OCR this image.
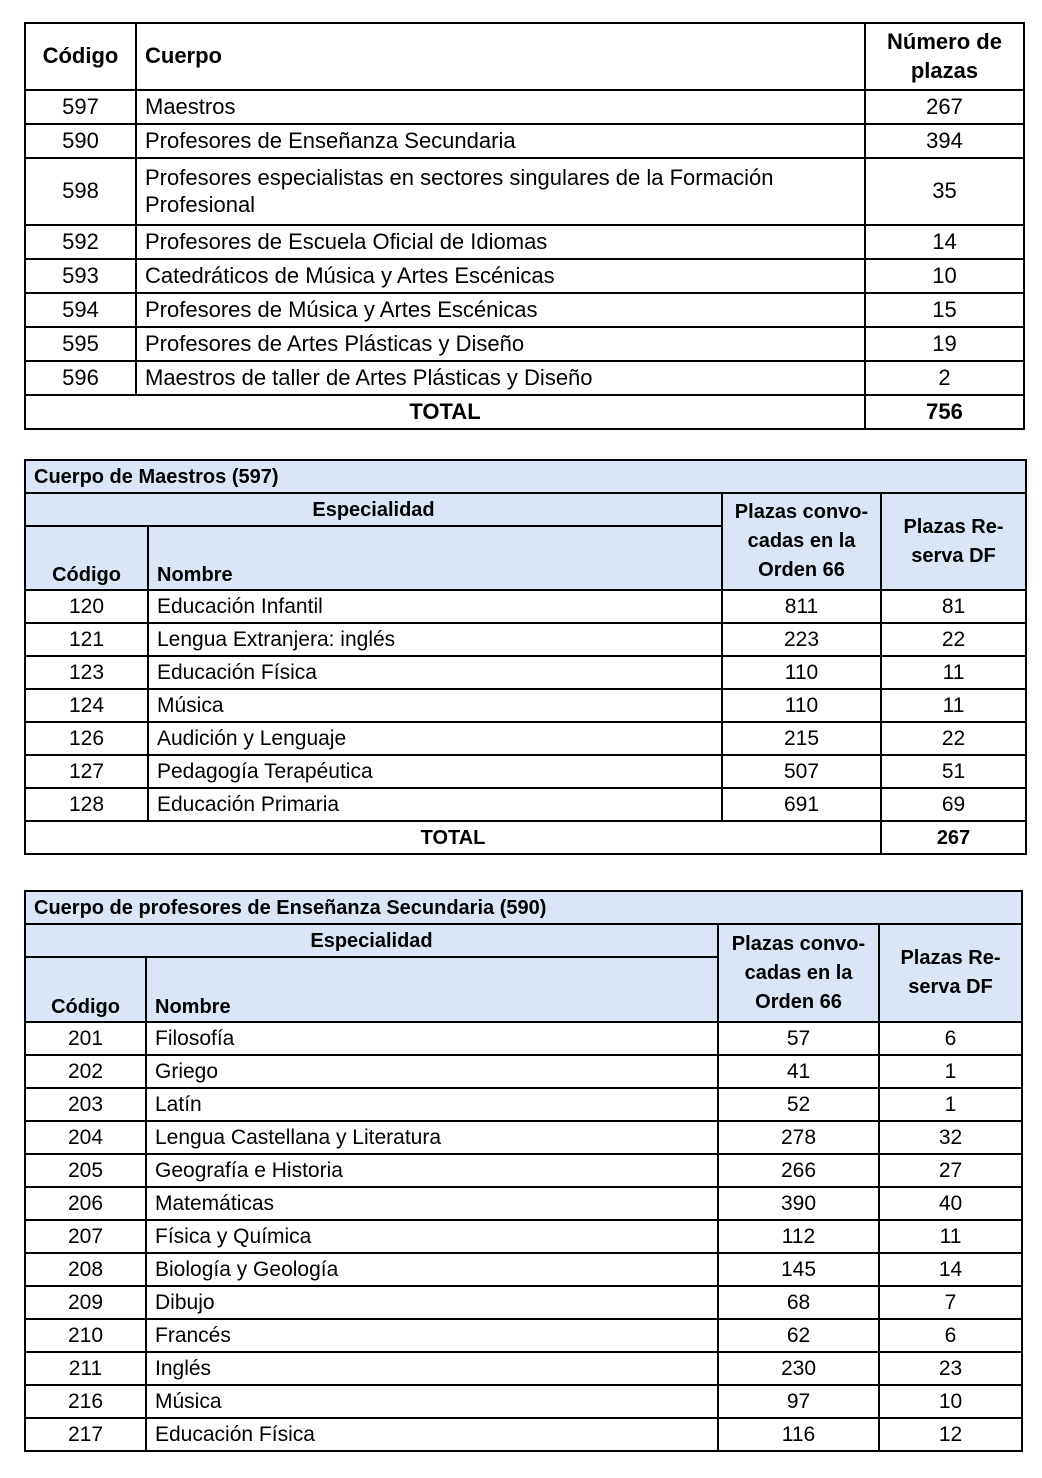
Código	Cuerpo	Número de plazas
597	Maestros	267
590	Profesores de Enseñanza Secundaria	394
598	Profesores especialistas en sectores singulares de la Formación Profesional	35
592	Profesores de Escuela Oficial de Idiomas	14
593	Catedráticos de Música y Artes Escénicas	10
594	Profesores de Música y Artes Escénicas	15
595	Profesores de Artes Plásticas y Diseño	19
596	Maestros de taller de Artes Plásticas y Diseño	2
TOTAL		756
Cuerpo de Maestros (597)			
Especialidad		Plazas convo-cadas en la Orden 66	Plazas Re-serva DF
Código	Nombre		
120	Educación Infantil	811	81
121	Lengua Extranjera: inglés	223	22
123	Educación Física	110	11
124	Música	110	11
126	Audición y Lenguaje	215	22
127	Pedagogía Terapéutica	507	51
128	Educación Primaria	691	69
TOTAL			267
Cuerpo de profesores de Enseñanza Secundaria (590)			
Especialidad		Plazas convo-cadas en la Orden 66	Plazas Re-serva DF
Código	Nombre		
201	Filosofía	57	6
202	Griego	41	1
203	Latín	52	1
204	Lengua Castellana y Literatura	278	32
205	Geografía e Historia	266	27
206	Matemáticas	390	40
207	Física y Química	112	11
208	Biología y Geología	145	14
209	Dibujo	68	7
210	Francés	62	6
211	Inglés	230	23
216	Música	97	10
217	Educación Física	116	12
